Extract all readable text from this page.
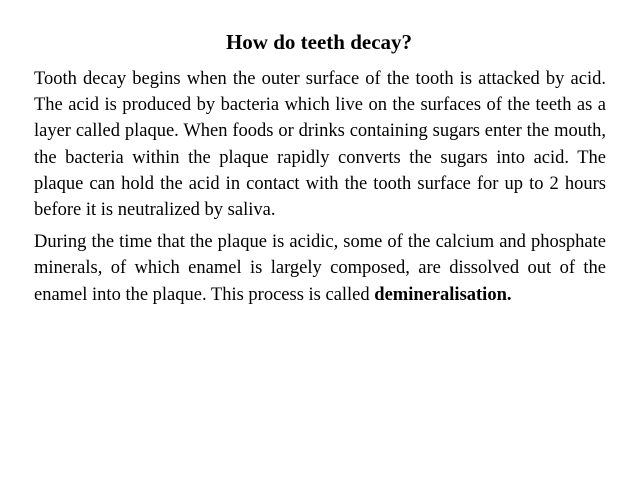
How do teeth decay?

Tooth decay begins when the outer surface of the tooth is attacked by acid. The acid is produced by bacteria which live on the surfaces of the teeth as a layer called plaque. When foods or drinks containing sugars enter the mouth, the bacteria within the plaque rapidly converts the sugars into acid. The plaque can hold the acid in contact with the tooth surface for up to 2 hours before it is neutralized by saliva.

During the time that the plaque is acidic, some of the calcium and phosphate minerals, of which enamel is largely composed, are dissolved out of the enamel into the plaque. This process is called demineralisation.
